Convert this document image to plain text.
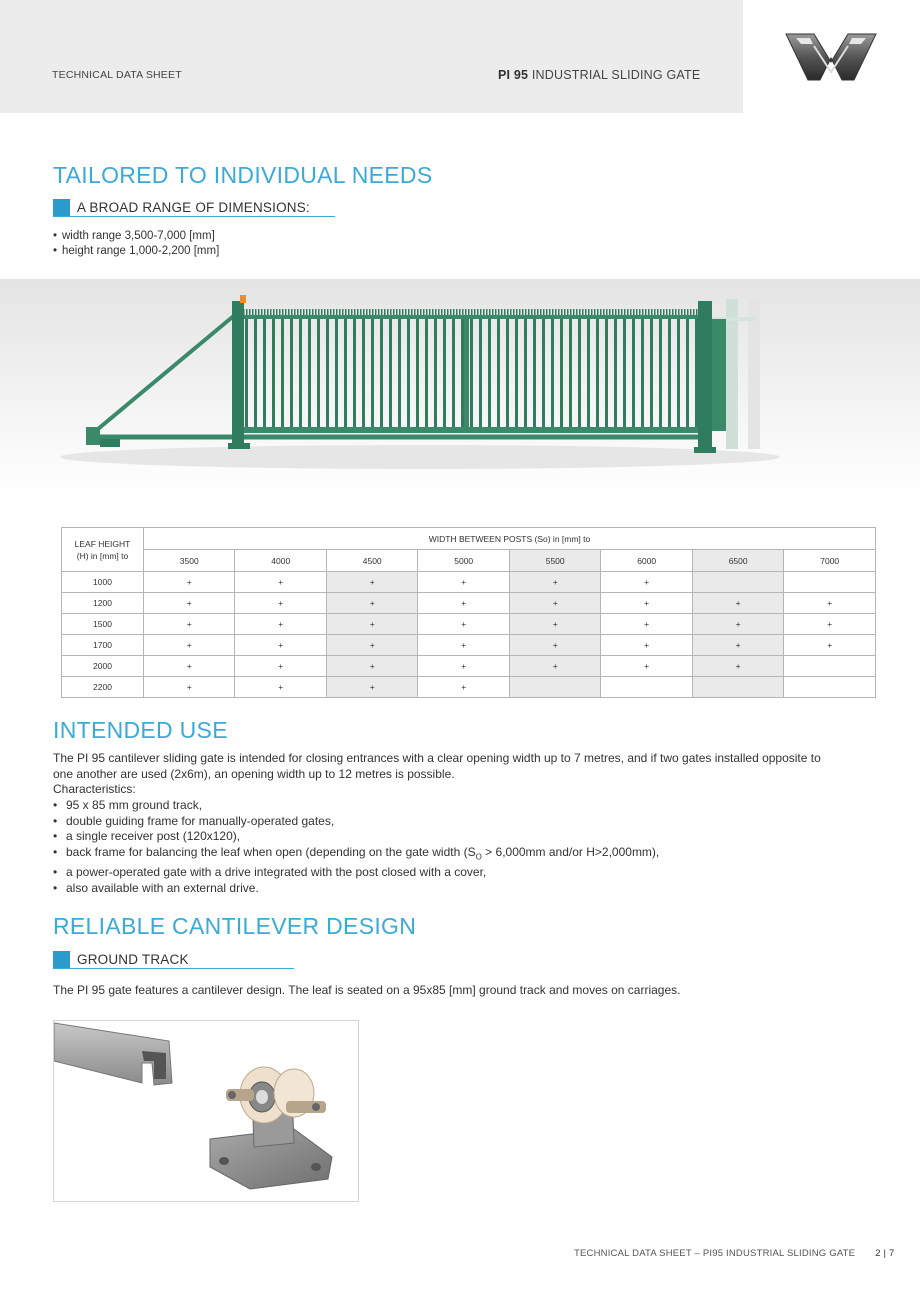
TECHNICAL DATA SHEET	PI 95 INDUSTRIAL SLIDING GATE
TAILORED TO INDIVIDUAL NEEDS
A BROAD RANGE OF DIMENSIONS:
• width range 3,500-7,000 [mm]
• height range 1,000-2,200 [mm]
LEAF HEIGHT
(H) in [mm] to	WIDTH BETWEEN POSTS (So) in [mm] to							
	3500	4000	4500	5000	5500	6000	6500	7000
1000	+	+	+	+	+	+		
1200	+	+	+	+	+	+	+	+
1500	+	+	+	+	+	+	+	+
1700	+	+	+	+	+	+	+	+
2000	+	+	+	+	+	+	+	
2200	+	+	+	+				
INTENDED USE
The PI 95 cantilever sliding gate is intended for closing entrances with a clear opening width up to 7 metres, and if two gates installed opposite to
one another are used (2x6m), an opening width up to 12 metres is possible.
Characteristics:
• 95 x 85 mm ground track,
• double guiding frame for manually-operated gates,
• a single receiver post (120x120),
• back frame for balancing the leaf when open (depending on the gate width ($S_O > 6,000mm$ and/or H>2,000mm),
• a power-operated gate with a drive integrated with the post closed with a cover,
• also available with an external drive.
RELIABLE CANTILEVER DESIGN
GROUND TRACK
The PI 95 gate features a cantilever design. The leaf is seated on a 95x85 [mm] ground track and moves on carriages.
TECHNICAL DATA SHEET – PI95 INDUSTRIAL SLIDING GATE 2 | 7
